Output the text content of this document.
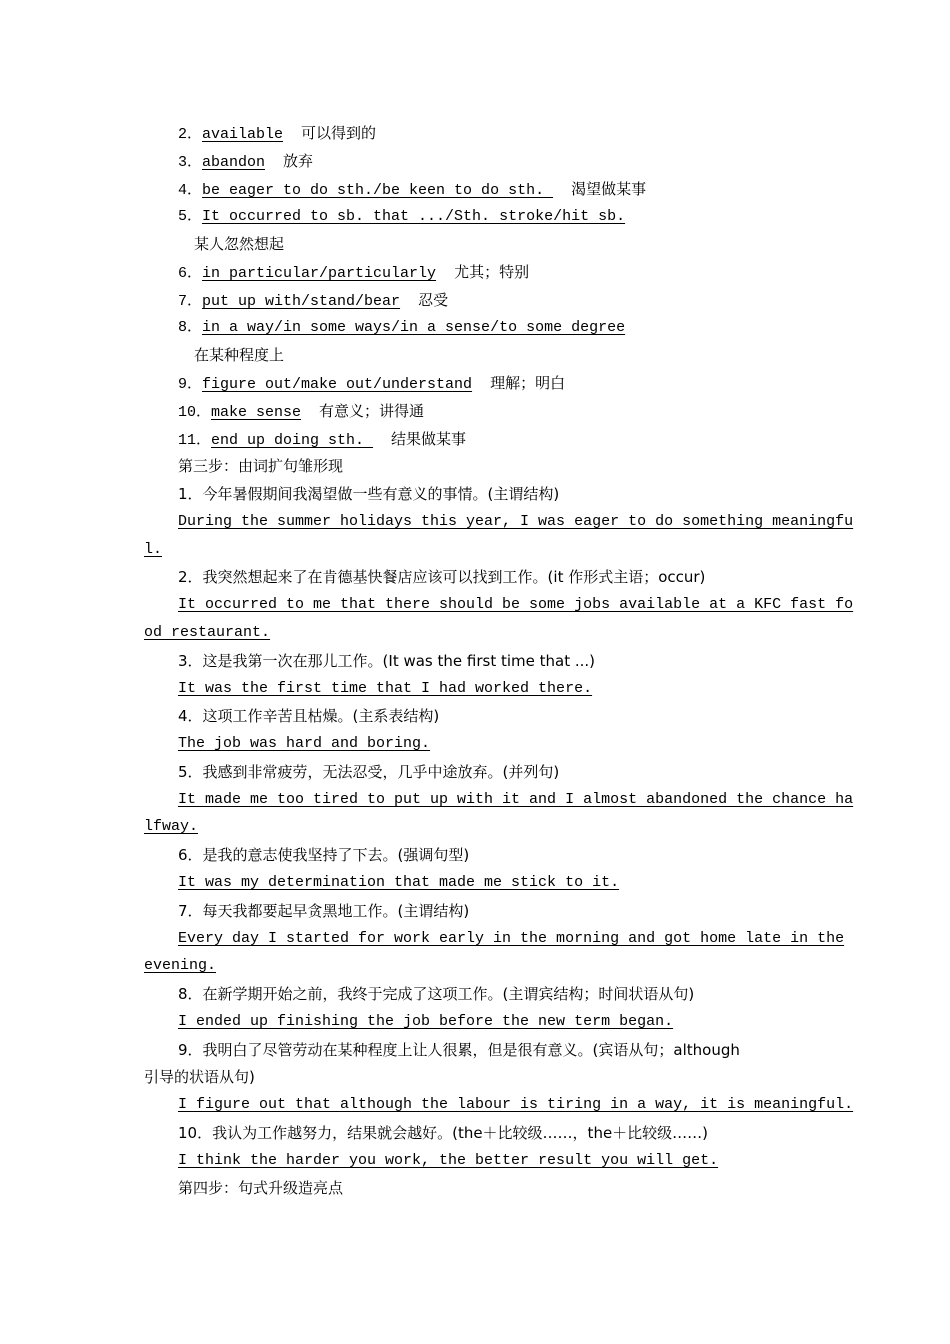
2．available 可以得到的
3．abandon 放弃
4．be eager to do sth./be keen to do sth. 渴望做某事
5．It occurred to sb. that .../Sth. stroke/hit sb.
某人忽然想起
6．in particular/particularly 尤其；特别
7．put up with/stand/bear 忍受
8．in a way/in some ways/in a sense/to some degree
在某种程度上
9．figure out/make out/understand 理解；明白
10．make sense 有意义；讲得通
11．end up doing sth. 结果做某事
第三步：由词扩句雏形现
1．今年暑假期间我渴望做一些有意义的事情。(主谓结构)
During the summer holidays this year, I was eager to do something meaningfu
l.
2．我突然想起来了在肯德基快餐店应该可以找到工作。(it 作形式主语；occur)
It occurred to me that there should be some jobs available at a KFC fast fo
od restaurant.
3．这是我第一次在那儿工作。(It was the first time that ...)
It was the first time that I had worked there.
4．这项工作辛苦且枯燥。(主系表结构)
The job was hard and boring.
5．我感到非常疲劳，无法忍受，几乎中途放弃。(并列句)
It made me too tired to put up with it and I almost abandoned the chance ha
lfway.
6．是我的意志使我坚持了下去。(强调句型)
It was my determination that made me stick to it.
7．每天我都要起早贪黑地工作。(主谓结构)
Every day I started for work early in the morning and got home late in the
evening.
8．在新学期开始之前，我终于完成了这项工作。(主谓宾结构；时间状语从句)
I ended up finishing the job before the new term began.
9．我明白了尽管劳动在某种程度上让人很累，但是很有意义。(宾语从句；although
引导的状语从句)
I figure out that although the labour is tiring in a way, it is meaningful.
10．我认为工作越努力，结果就会越好。(the＋比较级……，the＋比较级……)
I think the harder you work, the better result you will get.
第四步：句式升级造亮点
